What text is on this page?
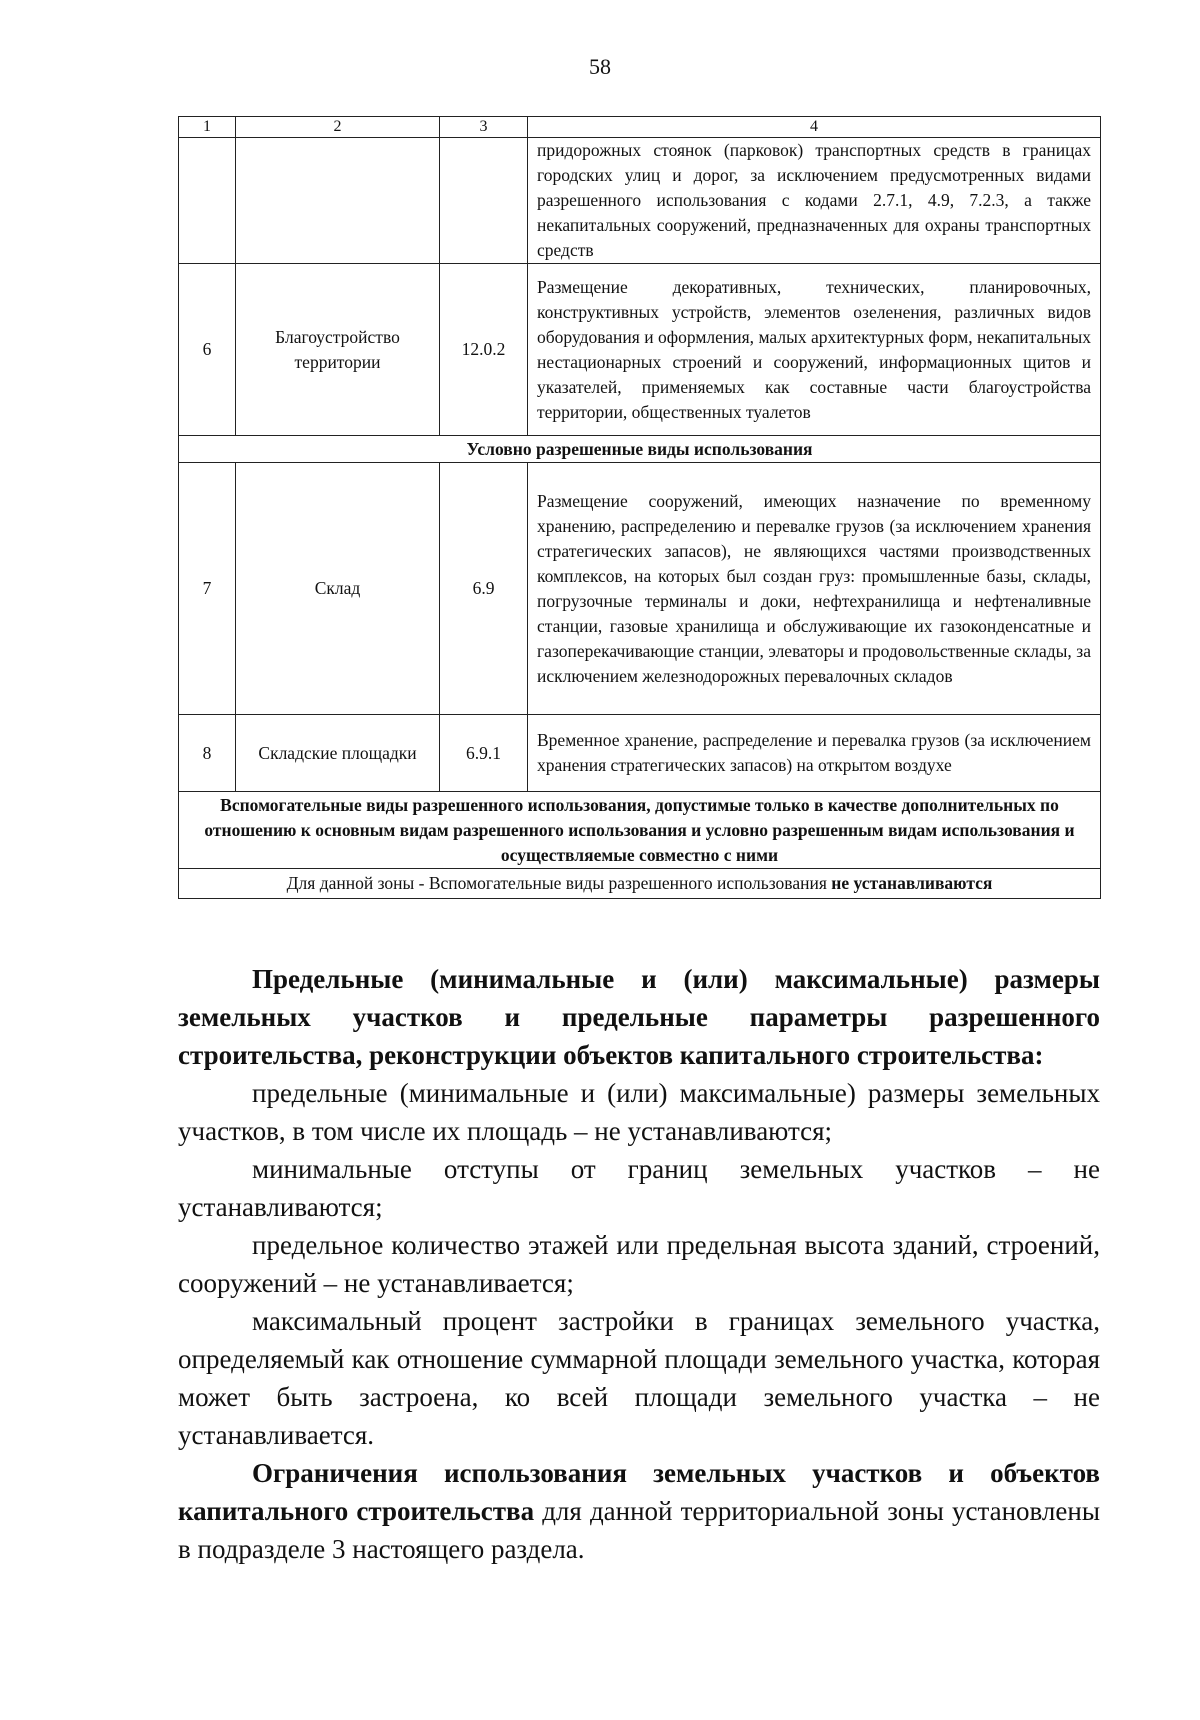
58
1	2	3	4
			придорожных стоянок (парковок) транспортных средств в границах городских улиц и дорог, за исключением предусмотренных видами разрешенного использования с кодами 2.7.1, 4.9, 7.2.3, а также некапитальных сооружений, предназначенных для охраны транспортных средств
6	Благоустройство территории	12.0.2	Размещение декоративных, технических, планировочных, конструктивных устройств, элементов озеленения, различных видов оборудования и оформления, малых архитектурных форм, некапитальных нестационарных строений и сооружений, информационных щитов и указателей, применяемых как составные части благоустройства территории, общественных туалетов
Условно разрешенные виды использования			
7	Склад	6.9	Размещение сооружений, имеющих назначение по временному хранению, распределению и перевалке грузов (за исключением хранения стратегических запасов), не являющихся частями производственных комплексов, на которых был создан груз: промышленные базы, склады, погрузочные терминалы и доки, нефтехранилища и нефтеналивные станции, газовые хранилища и обслуживающие их газоконденсатные и газоперекачивающие станции, элеваторы и продовольственные склады, за исключением железнодорожных перевалочных складов
8	Складские площадки	6.9.1	Временное хранение, распределение и перевалка грузов (за исключением хранения стратегических запасов) на открытом воздухе
Вспомогательные виды разрешенного использования, допустимые только в качестве дополнительных по отношению к основным видам разрешенного использования и условно разрешенным видам использования и осуществляемые совместно с ними			
Для данной зоны - Вспомогательные виды разрешенного использования не устанавливаются			

Предельные (минимальные и (или) максимальные) размеры земельных участков и предельные параметры разрешенного строительства, реконструкции объектов капитального строительства:

предельные (минимальные и (или) максимальные) размеры земельных участков, в том числе их площадь – не устанавливаются;

минимальные отступы от границ земельных участков – не устанавливаются;

предельное количество этажей или предельная высота зданий, строений, сооружений – не устанавливается;

максимальный процент застройки в границах земельного участка, определяемый как отношение суммарной площади земельного участка, которая может быть застроена, ко всей площади земельного участка – не устанавливается.

Ограничения использования земельных участков и объектов капитального строительства для данной территориальной зоны установлены в подразделе 3 настоящего раздела.
